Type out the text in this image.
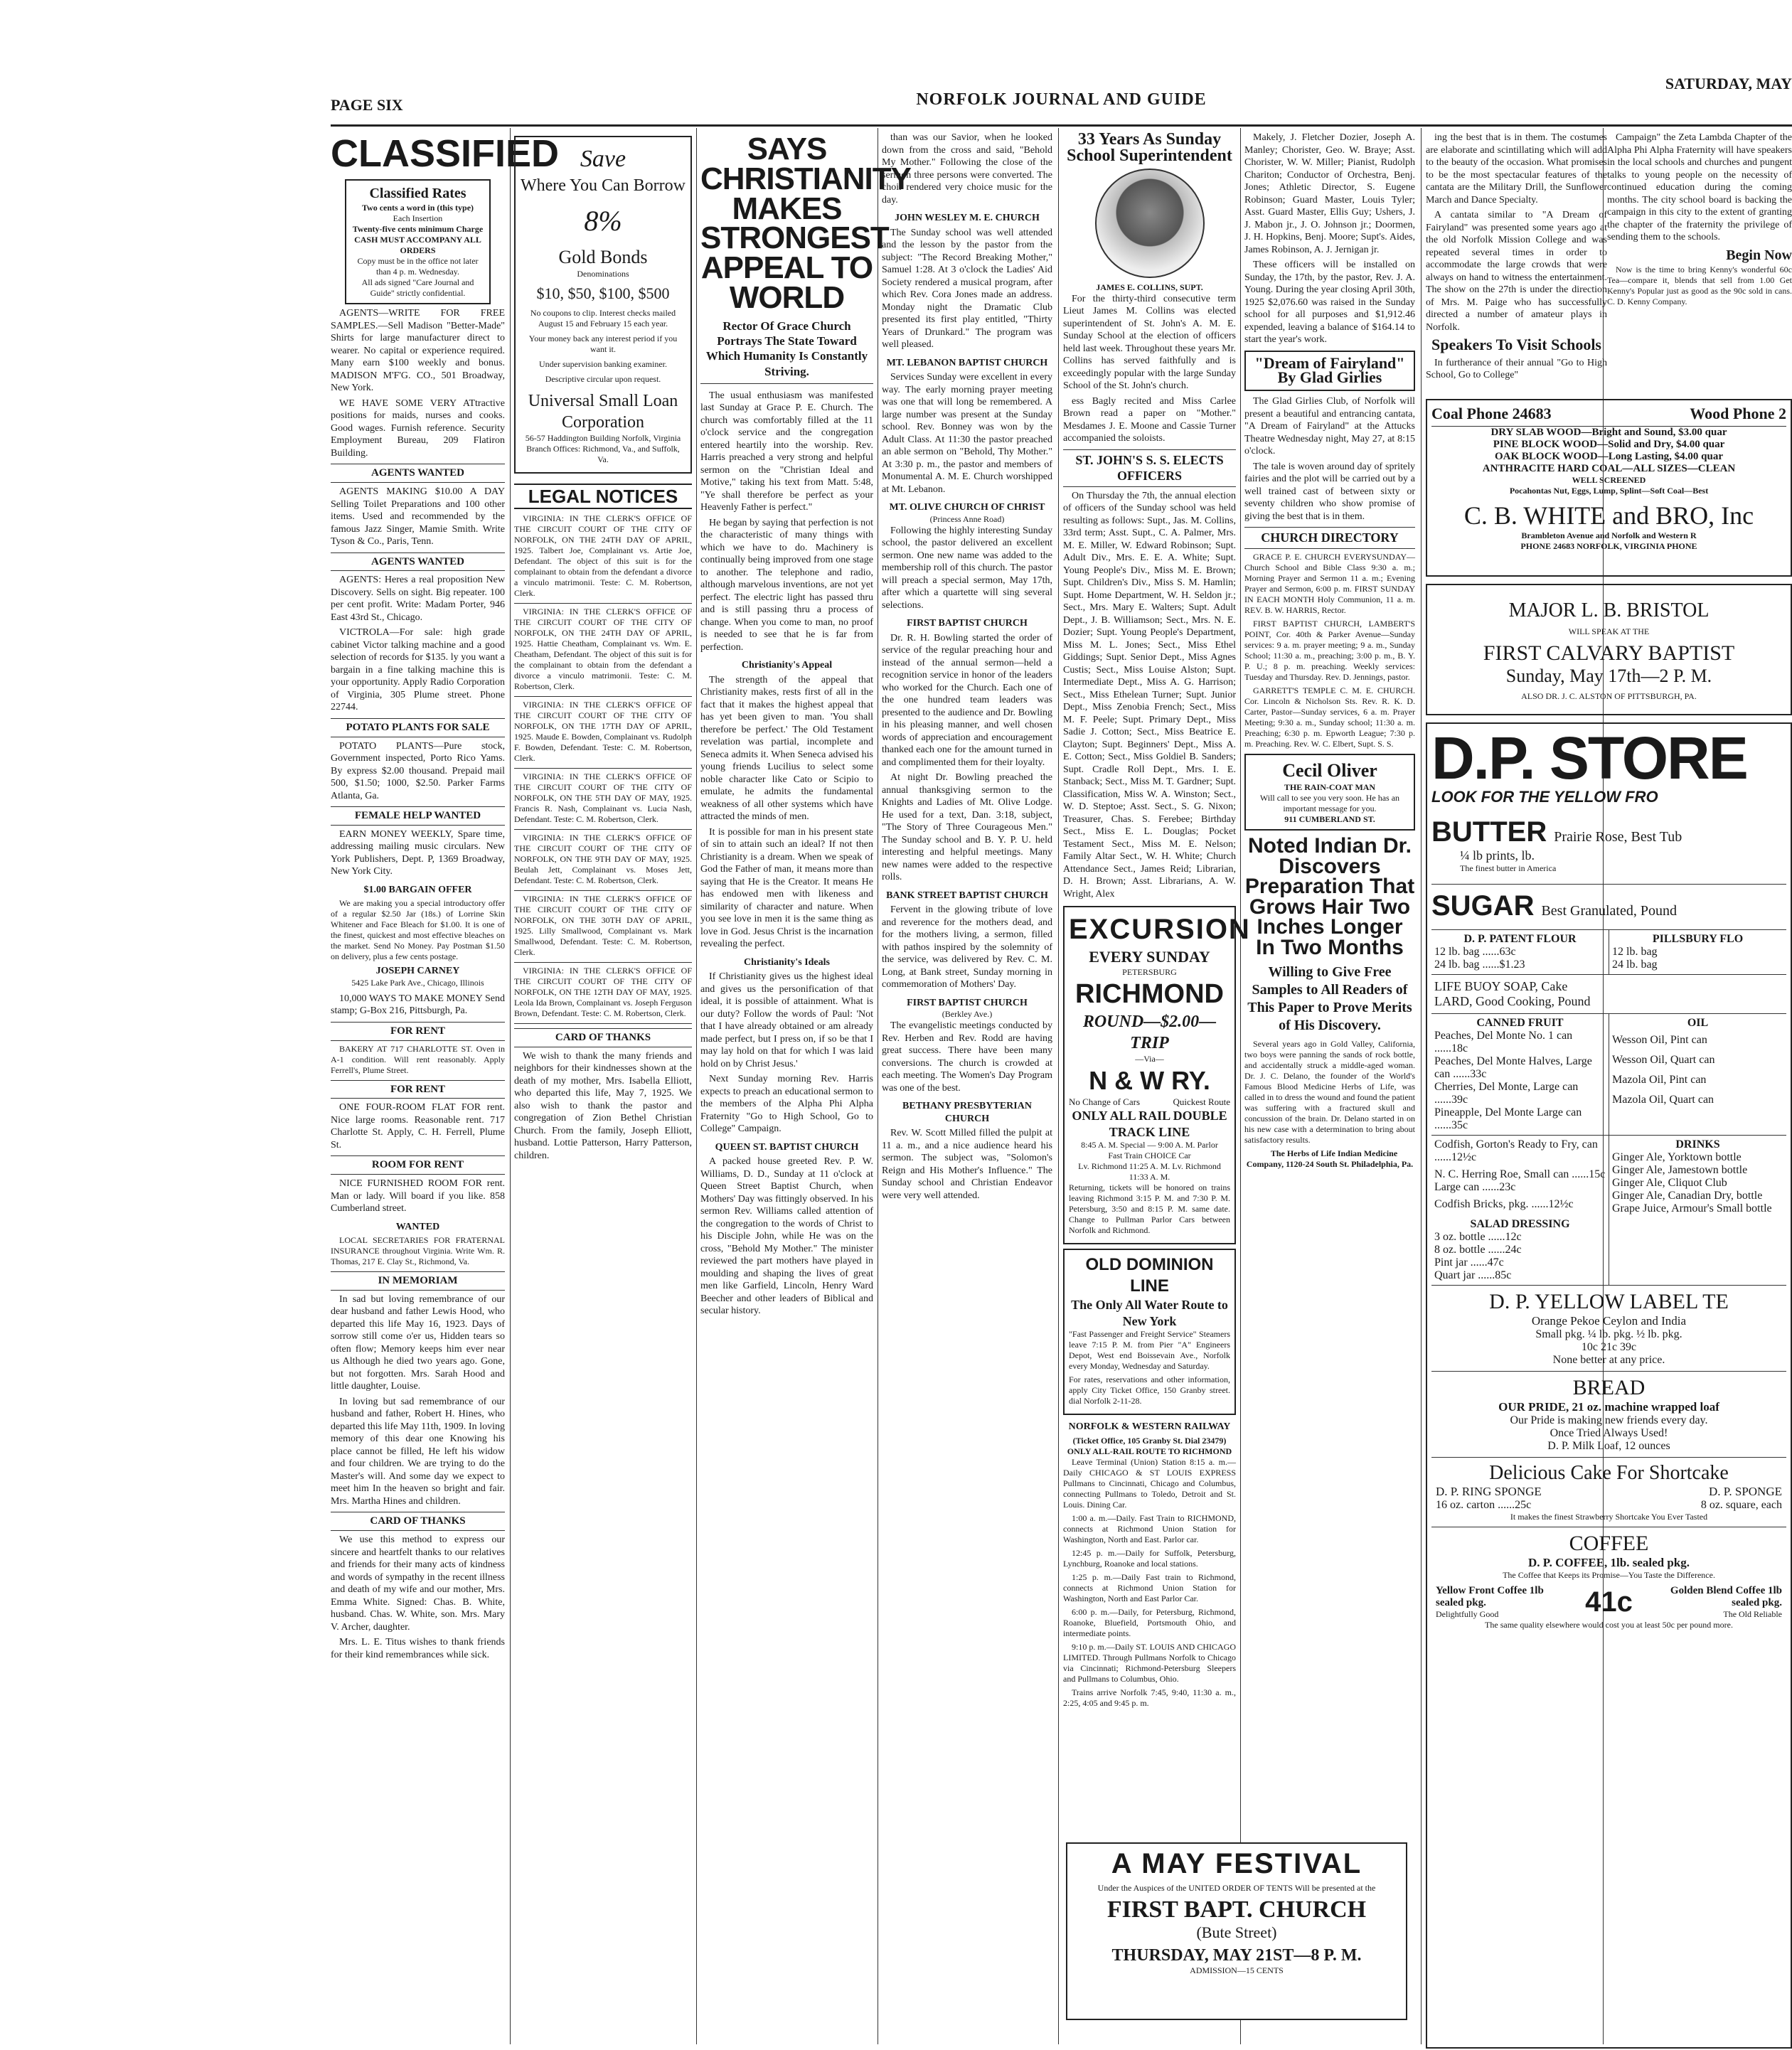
PAGE SIX	NORFOLK JOURNAL AND GUIDE
SATURDAY, MAY
CLASSIFIED
Classified Rates
Two cents a word in (this type)
Each Insertion
Twenty-five cents minimum Charge
CASH MUST ACCOMPANY ALL ORDERS
Copy must be in the office not later than 4 p. m. Wednesday.
All ads signed "Care Journal and Guide" strictly confidential.

AGENTS—WRITE FOR FREE SAMPLES.—Sell Madison "Better-Made" Shirts for large manufacturer direct to wearer. No capital or experience required. Many earn $100 weekly and bonus. MADISON M'F'G. CO., 501 Broadway, New York.

WE HAVE SOME VERY ATtractive positions for maids, nurses and cooks. Good wages. Furnish reference. Security Employment Bureau, 209 Flatiron Building.

AGENTS WANTED

AGENTS MAKING $10.00 A DAY Selling Toilet Preparations and 100 other items. Used and recommended by the famous Jazz Singer, Mamie Smith. Write Tyson & Co., Paris, Tenn.

AGENTS WANTED

AGENTS: Heres a real proposition New Discovery. Sells on sight. Big repeater. 100 per cent profit. Write: Madam Porter, 946 East 43rd St., Chicago.

VICTROLA—For sale: high grade cabinet Victor talking machine and a good selection of records for $135. ly you want a bargain in a fine talking machine this is your opportunity. Apply Radio Corporation of Virginia, 305 Plume street. Phone 22744.

POTATO PLANTS FOR SALE

POTATO PLANTS—Pure stock, Government inspected, Porto Rico Yams. By express $2.00 thousand. Prepaid mail 500, $1.50; 1000, $2.50. Parker Farms Atlanta, Ga.

FEMALE HELP WANTED

EARN MONEY WEEKLY, Spare time, addressing mailing music circulars. New York Publishers, Dept. P, 1369 Broadway, New York City.

$1.00 BARGAIN OFFER

We are making you a special introductory offer of a regular $2.50 Jar (18s.) of Lorrine Skin Whitener and Face Bleach for $1.00. It is one of the finest, quickest and most effective bleaches on the market. Send No Money. Pay Postman $1.50 on delivery, plus a few cents postage.

JOSEPH CARNEY
5425 Lake Park Ave., Chicago, Illinois

10,000 WAYS TO MAKE MONEY Send stamp; G-Box 216, Pittsburgh, Pa.

FOR RENT

BAKERY AT 717 CHARLOTTE ST. Oven in A-1 condition. Will rent reasonably. Apply Ferrell's, Plume Street.

FOR RENT

ONE FOUR-ROOM FLAT FOR rent. Nice large rooms. Reasonable rent. 717 Charlotte St. Apply, C. H. Ferrell, Plume St.

ROOM FOR RENT

NICE FURNISHED ROOM FOR rent. Man or lady. Will board if you like. 858 Cumberland street.

WANTED

LOCAL SECRETARIES FOR FRATERNAL INSURANCE throughout Virginia. Write Wm. R. Thomas, 217 E. Clay St., Richmond, Va.

IN MEMORIAM

In sad but loving remembrance of our dear husband and father Lewis Hood, who departed this life May 16, 1923. Days of sorrow still come o'er us, Hidden tears so often flow; Memory keeps him ever near us Although he died two years ago. Gone, but not forgotten. Mrs. Sarah Hood and little daughter, Louise.

In loving but sad remembrance of our husband and father, Robert H. Hines, who departed this life May 11th, 1909. In loving memory of this dear one Knowing his place cannot be filled, He left his widow and four children. We are trying to do the Master's will. And some day we expect to meet him In the heaven so bright and fair. Mrs. Martha Hines and children.

CARD OF THANKS

We use this method to express our sincere and heartfelt thanks to our relatives and friends for their many acts of kindness and words of sympathy in the recent illness and death of my wife and our mother, Mrs. Emma White. Signed: Chas. B. White, husband. Chas. W. White, son. Mrs. Mary V. Archer, daughter.

Mrs. L. E. Titus wishes to thank friends for their kind remembrances while sick.

Save
Where You Can Borrow
8%
Gold Bonds
Denominations
$10, $50, $100, $500
No coupons to clip. Interest checks mailed August 15 and February 15 each year.
Your money back any interest period if you want it.
Under supervision banking examiner.
Descriptive circular upon request.
Universal Small Loan Corporation
56-57 Haddington Building Norfolk, Virginia
Branch Offices: Richmond, Va., and Suffolk, Va.
LEGAL NOTICES

VIRGINIA: IN THE CLERK'S OFFICE OF THE CIRCUIT COURT OF THE CITY OF NORFOLK, ON THE 24TH DAY OF APRIL, 1925. Talbert Joe, Complainant vs. Artie Joe, Defendant. The object of this suit is for the complainant to obtain from the defendant a divorce a vinculo matrimonii. Teste: C. M. Robertson, Clerk.

VIRGINIA: IN THE CLERK'S OFFICE OF THE CIRCUIT COURT OF THE CITY OF NORFOLK, ON THE 24TH DAY OF APRIL, 1925. Hattie Cheatham, Complainant vs. Wm. E. Cheatham, Defendant. The object of this suit is for the complainant to obtain from the defendant a divorce a vinculo matrimonii. Teste: C. M. Robertson, Clerk.

VIRGINIA: IN THE CLERK'S OFFICE OF THE CIRCUIT COURT OF THE CITY OF NORFOLK, ON THE 17TH DAY OF APRIL, 1925. Maude E. Bowden, Complainant vs. Rudolph F. Bowden, Defendant. Teste: C. M. Robertson, Clerk.

VIRGINIA: IN THE CLERK'S OFFICE OF THE CIRCUIT COURT OF THE CITY OF NORFOLK, ON THE 5TH DAY OF MAY, 1925. Francis R. Nash, Complainant vs. Lucia Nash, Defendant. Teste: C. M. Robertson, Clerk.

VIRGINIA: IN THE CLERK'S OFFICE OF THE CIRCUIT COURT OF THE CITY OF NORFOLK, ON THE 9TH DAY OF MAY, 1925. Beulah Jett, Complainant vs. Moses Jett, Defendant. Teste: C. M. Robertson, Clerk.

VIRGINIA: IN THE CLERK'S OFFICE OF THE CIRCUIT COURT OF THE CITY OF NORFOLK, ON THE 30TH DAY OF APRIL, 1925. Lilly Smallwood, Complainant vs. Mark Smallwood, Defendant. Teste: C. M. Robertson, Clerk.

VIRGINIA: IN THE CLERK'S OFFICE OF THE CIRCUIT COURT OF THE CITY OF NORFOLK, ON THE 12TH DAY OF MAY, 1925. Leola Ida Brown, Complainant vs. Joseph Ferguson Brown, Defendant. Teste: C. M. Robertson, Clerk.

CARD OF THANKS

We wish to thank the many friends and neighbors for their kindnesses shown at the death of my mother, Mrs. Isabella Elliott, who departed this life, May 7, 1925. We also wish to thank the pastor and congregation of Zion Bethel Christian Church. From the family, Joseph Elliott, husband. Lottie Patterson, Harry Patterson, children.

SAYS CHRISTIANITY MAKES STRONGEST APPEAL TO WORLD
Rector Of Grace Church Portrays The State Toward Which Humanity Is Constantly Striving.

The usual enthusiasm was manifested last Sunday at Grace P. E. Church. The church was comfortably filled at the 11 o'clock service and the congregation entered heartily into the worship. Rev. Harris preached a very strong and helpful sermon on the "Christian Ideal and Motive," taking his text from Matt. 5:48, "Ye shall therefore be perfect as your Heavenly Father is perfect."

He began by saying that perfection is not the characteristic of many things with which we have to do. Machinery is continually being improved from one stage to another. The telephone and radio, although marvelous inventions, are not yet perfect. The electric light has passed thru and is still passing thru a process of change. When you come to man, no proof is needed to see that he is far from perfection.

Christianity's Appeal

The strength of the appeal that Christianity makes, rests first of all in the fact that it makes the highest appeal that has yet been given to man. 'You shall therefore be perfect.' The Old Testament revelation was partial, incomplete and Seneca admits it. When Seneca advised his young friends Lucilius to select some noble character like Cato or Scipio to emulate, he admits the fundamental weakness of all other systems which have attracted the minds of men.

It is possible for man in his present state of sin to attain such an ideal? If not then Christianity is a dream. When we speak of God the Father of man, it means more than saying that He is the Creator. It means He has endowed men with likeness and similarity of character and nature. When you see love in men it is the same thing as love in God. Jesus Christ is the incarnation revealing the perfect.

Christianity's Ideals

If Christianity gives us the highest ideal and gives us the personification of that ideal, it is possible of attainment. What is our duty? Follow the words of Paul: 'Not that I have already obtained or am already made perfect, but I press on, if so be that I may lay hold on that for which I was laid hold on by Christ Jesus.'

Next Sunday morning Rev. Harris expects to preach an educational sermon to the members of the Alpha Phi Alpha Fraternity "Go to High School, Go to College" Campaign.

QUEEN ST. BAPTIST CHURCH

A packed house greeted Rev. P. W. Williams, D. D., Sunday at 11 o'clock at Queen Street Baptist Church, when Mothers' Day was fittingly observed. In his sermon Rev. Williams called attention of the congregation to the words of Christ to his Disciple John, while He was on the cross, "Behold My Mother." The minister reviewed the part mothers have played in moulding and shaping the lives of great men like Garfield, Lincoln, Henry Ward Beecher and other leaders of Biblical and secular history.

than was our Savior, when he looked down from the cross and said, "Behold My Mother." Following the close of the sermon three persons were converted. The choir rendered very choice music for the day.

JOHN WESLEY M. E. CHURCH

The Sunday school was well attended and the lesson by the pastor from the subject: "The Record Breaking Mother," Samuel 1:28. At 3 o'clock the Ladies' Aid Society rendered a musical program, after which Rev. Cora Jones made an address. Monday night the Dramatic Club presented its first play entitled, "Thirty Years of Drunkard." The program was well pleased.

MT. LEBANON BAPTIST CHURCH

Services Sunday were excellent in every way. The early morning prayer meeting was one that will long be remembered. A large number was present at the Sunday school. Rev. Bonney was won by the Adult Class. At 11:30 the pastor preached an able sermon on "Behold, Thy Mother." At 3:30 p. m., the pastor and members of Monumental A. M. E. Church worshipped at Mt. Lebanon.

MT. OLIVE CHURCH OF CHRIST
(Princess Anne Road)

Following the highly interesting Sunday school, the pastor delivered an excellent sermon. One new name was added to the membership roll of this church. The pastor will preach a special sermon, May 17th, after which a quartette will sing several selections.

FIRST BAPTIST CHURCH

Dr. R. H. Bowling started the order of service of the regular preaching hour and instead of the annual sermon—held a recognition service in honor of the leaders who worked for the Church. Each one of the one hundred team leaders was presented to the audience and Dr. Bowling in his pleasing manner, and well chosen words of appreciation and encouragement thanked each one for the amount turned in and complimented them for their loyalty.

At night Dr. Bowling preached the annual thanksgiving sermon to the Knights and Ladies of Mt. Olive Lodge. He used for a text, Dan. 3:18, subject, "The Story of Three Courageous Men." The Sunday school and B. Y. P. U. held interesting and helpful meetings. Many new names were added to the respective rolls.

BANK STREET BAPTIST CHURCH

Fervent in the glowing tribute of love and reverence for the mothers dead, and for the mothers living, a sermon, filled with pathos inspired by the solemnity of the service, was delivered by Rev. C. M. Long, at Bank street, Sunday morning in commemoration of Mothers' Day.

FIRST BAPTIST CHURCH
(Berkley Ave.)

The evangelistic meetings conducted by Rev. Herben and Rev. Rodd are having great success. There have been many conversions. The church is crowded at each meeting. The Women's Day Program was one of the best.

BETHANY PRESBYTERIAN CHURCH

Rev. W. Scott Milled filled the pulpit at 11 a. m., and a nice audience heard his sermon. The subject was, "Solomon's Reign and His Mother's Influence." The Sunday school and Christian Endeavor were very well attended.

33 Years As Sunday School Superintendent
JAMES E. COLLINS, SUPT.

For the thirty-third consecutive term Lieut James M. Collins was elected superintendent of St. John's A. M. E. Sunday School at the election of officers held last week. Throughout these years Mr. Collins has served faithfully and is exceedingly popular with the large Sunday School of the St. John's church.

ess Bagly recited and Miss Carlee Brown read a paper on "Mother." Mesdames J. E. Moone and Cassie Turner accompanied the soloists.

ST. JOHN'S S. S. ELECTS OFFICERS

On Thursday the 7th, the annual election of officers of the Sunday school was held resulting as follows: Supt., Jas. M. Collins, 33rd term; Asst. Supt., C. A. Palmer, Mrs. M. E. Miller, W. Edward Robinson; Supt. Adult Div., Mrs. E. E. A. White; Supt. Young People's Div., Miss M. E. Brown; Supt. Children's Div., Miss S. M. Hamlin; Supt. Home Department, W. H. Seldon jr.; Sect., Mrs. Mary E. Walters; Supt. Adult Dept., J. B. Williamson; Sect., Mrs. N. E. Dozier; Supt. Young People's Department, Miss M. L. Jones; Sect., Miss Ethel Giddings; Supt. Senior Dept., Miss Agnes Custis; Sect., Miss Louise Alston; Supt. Intermediate Dept., Miss A. G. Harrison; Sect., Miss Ethelean Turner; Supt. Junior Dept., Miss Zenobia French; Sect., Miss M. F. Peele; Supt. Primary Dept., Miss Sadie J. Cotton; Sect., Miss Beatrice E. Clayton; Supt. Beginners' Dept., Miss A. E. Cotton; Sect., Miss Goldiel B. Sanders; Supt. Cradle Roll Dept., Mrs. I. E. Stanback; Sect., Miss M. T. Gardner; Supt. Classification, Miss W. A. Winston; Sect., W. D. Steptoe; Asst. Sect., S. G. Nixon; Treasurer, Chas. S. Ferebee; Birthday Sect., Miss E. L. Douglas; Pocket Testament Sect., Miss M. E. Nelson; Family Altar Sect., W. H. White; Church Attendance Sect., James Reid; Librarian, D. H. Brown; Asst. Librarians, A. W. Wright, Alex

EXCURSION
EVERY SUNDAY
PETERSBURG
RICHMOND
ROUND—$2.00—TRIP
—Via—
N & W RY.
No Change of Cars	Quickest Route
ONLY ALL RAIL DOUBLE TRACK LINE
8:45 A. M. Special — 9:00 A. M. Parlor
Fast Train CHOICE Car
Lv. Richmond 11:25 A. M. Lv. Richmond 11:33 A. M.

Returning, tickets will be honored on trains leaving Richmond 3:15 P. M. and 7:30 P. M. Petersburg, 3:50 and 8:15 P. M. same date. Change to Pullman Parlor Cars between Norfolk and Richmond.

OLD DOMINION LINE
The Only All Water Route to New York

"Fast Passenger and Freight Service" Steamers leave 7:15 P. M. from Pier "A" Engineers Depot, West end Boissevain Ave., Norfolk every Monday, Wednesday and Saturday.

For rates, reservations and other information, apply City Ticket Office, 150 Granby street. dial Norfolk 2-11-28.

NORFOLK & WESTERN RAILWAY
(Ticket Office, 105 Granby St. Dial 23479) ONLY ALL-RAIL ROUTE TO RICHMOND

Leave Terminal (Union) Station 8:15 a. m.—Daily CHICAGO & ST LOUIS EXPRESS Pullmans to Cincinnati, Chicago and Columbus, connecting Pullmans to Toledo, Detroit and St. Louis. Dining Car.

1:00 a. m.—Daily. Fast Train to RICHMOND, connects at Richmond Union Station for Washington, North and East. Parlor car.

12:45 p. m.—Daily for Suffolk, Petersburg, Lynchburg, Roanoke and local stations.

1:25 p. m.—Daily Fast train to Richmond, connects at Richmond Union Station for Washington, North and East Parlor Car.

6:00 p. m.—Daily, for Petersburg, Richmond, Roanoke, Bluefield, Portsmouth Ohio, and intermediate points.

9:10 p. m.—Daily ST. LOUIS AND CHICAGO LIMITED. Through Pullmans Norfolk to Chicago via Cincinnati; Richmond-Petersburg Sleepers and Pullmans to Columbus, Ohio.

Trains arrive Norfolk 7:45, 9:40, 11:30 a. m., 2:25, 4:05 and 9:45 p. m.

A MAY FESTIVAL
Under the Auspices of the UNITED ORDER OF TENTS Will be presented at the
FIRST BAPT. CHURCH
(Bute Street)
THURSDAY, MAY 21ST—8 P. M.
ADMISSION—15 CENTS

Makely, J. Fletcher Dozier, Joseph A. Manley; Chorister, Geo. W. Braye; Asst. Chorister, W. W. Miller; Pianist, Rudolph Chariton; Conductor of Orchestra, Benj. Jones; Athletic Director, S. Eugene Robinson; Guard Master, Louis Tyler; Asst. Guard Master, Ellis Guy; Ushers, J. J. Mabon jr., J. O. Johnson jr.; Doormen, J. H. Hopkins, Benj. Moore; Supt's. Aides, James Robinson, A. J. Jernigan jr.

These officers will be installed on Sunday, the 17th, by the pastor, Rev. J. A. Young. During the year closing April 30th, 1925 $2,076.60 was raised in the Sunday school for all purposes and $1,912.46 expended, leaving a balance of $164.14 to start the year's work.

"Dream of Fairyland" By Glad Girlies

The Glad Girlies Club, of Norfolk will present a beautiful and entrancing cantata, "A Dream of Fairyland" at the Attucks Theatre Wednesday night, May 27, at 8:15 o'clock.

The tale is woven around day of spritely fairies and the plot will be carried out by a well trained cast of between sixty or seventy children who show promise of giving the best that is in them.

CHURCH DIRECTORY

GRACE P. E. CHURCH EVERYSUNDAY—Church School and Bible Class 9:30 a. m.; Morning Prayer and Sermon 11 a. m.; Evening Prayer and Sermon, 6:00 p. m. FIRST SUNDAY IN EACH MONTH Holy Communion, 11 a. m. REV. B. W. HARRIS, Rector.

FIRST BAPTIST CHURCH, LAMBERT'S POINT, Cor. 40th & Parker Avenue—Sunday services: 9 a. m. prayer meeting; 9 a. m., Sunday School; 11:30 a. m., preaching; 3:00 p. m., B. Y. P. U.; 8 p. m. preaching. Weekly services: Tuesday and Thursday. Rev. D. Jennings, pastor.

GARRETT'S TEMPLE C. M. E. CHURCH. Cor. Lincoln & Nicholson Sts. Rev. R. K. D. Carter, Pastor—Sunday services, 6 a. m. Prayer Meeting; 9:30 a. m., Sunday school; 11:30 a. m. Preaching; 6:30 p. m. Epworth League; 7:30 p. m. Preaching. Rev. W. C. Elbert, Supt. S. S.

Cecil Oliver
THE RAIN-COAT MAN
Will call to see you very soon. He has an important message for you.
911 CUMBERLAND ST.
Noted Indian Dr. Discovers Preparation That Grows Hair Two Inches Longer In Two Months
Willing to Give Free Samples to All Readers of This Paper to Prove Merits of His Discovery.

Several years ago in Gold Valley, California, two boys were panning the sands of rock bottle, and accidentally struck a middle-aged woman. Dr. J. C. Delano, the founder of the World's Famous Blood Medicine Herbs of Life, was called in to dress the wound and found the patient was suffering with a fractured skull and concussion of the brain. Dr. Delano started in on his new case with a determination to bring about satisfactory results.

The Herbs of Life Indian Medicine Company, 1120-24 South St. Philadelphia, Pa.

ing the best that is in them. The costumes are elaborate and scintillating which will add to the beauty of the occasion. What promises to be the most spectacular features of the cantata are the Military Drill, the Sunflower March and Dance Specialty.

A cantata similar to "A Dream of Fairyland" was presented some years ago at the old Norfolk Mission College and was repeated several times in order to accommodate the large crowds that were always on hand to witness the entertainment. The show on the 27th is under the direction of Mrs. M. Paige who has successfully directed a number of amateur plays in Norfolk.

Speakers To Visit Schools

In furtherance of their annual "Go to High School, Go to College"

Campaign" the Zeta Lambda Chapter of the Alpha Phi Alpha Fraternity will have speakers in the local schools and churches and pungent talks to young people on the necessity of continued education during the coming months. The city school board is backing the campaign in this city to the extent of granting the chapter of the fraternity the privilege of sending them to the schools.

Begin Now

Now is the time to bring Kenny's wonderful 60c Tea—compare it, blends that sell from 1.00 Get Kenny's Popular just as good as the 90c sold in cans. C. D. Kenny Company.

Coal Phone 24683	Wood Phone 2
DRY SLAB WOOD—Bright and Sound, $3.00 quar
PINE BLOCK WOOD—Solid and Dry, $4.00 quar
OAK BLOCK WOOD—Long Lasting, $4.00 quar
ANTHRACITE HARD COAL—ALL SIZES—CLEAN
WELL SCREENED
Pocahontas Nut, Eggs, Lump, Splint—Soft Coal—Best
C. B. WHITE and BRO, Inc
Brambleton Avenue and Norfolk and Western R
PHONE 24683 NORFOLK, VIRGINIA PHONE
MAJOR L. B. BRISTOL
WILL SPEAK AT THE
FIRST CALVARY BAPTIST
Sunday, May 17th—2 P. M.
ALSO DR. J. C. ALSTON OF PITTSBURGH, PA.
D.P. STORE
LOOK FOR THE YELLOW FRO
BUTTER Prairie Rose, Best Tub
¼ lb prints, lb.
The finest butter in America
SUGAR Best Granulated, Pound
D. P. PATENT FLOUR
12 lb. bag ......63c
24 lb. bag ......$1.23
PILLSBURY FLO
12 lb. bag
24 lb. bag
LIFE BUOY SOAP, Cake
LARD, Good Cooking, Pound
CANNED FRUIT
Peaches, Del Monte No. 1 can ......18c
Peaches, Del Monte Halves, Large can ......33c
Cherries, Del Monte, Large can ......39c
Pineapple, Del Monte Large can ......35c
OIL
Wesson Oil, Pint can
Wesson Oil, Quart can
Mazola Oil, Pint can
Mazola Oil, Quart can
Codfish, Gorton's Ready to Fry, can ......12½c
N. C. Herring Roe, Small can ......15c
Large can ......23c
Codfish Bricks, pkg. ......12½c
SALAD DRESSING
3 oz. bottle ......12c
8 oz. bottle ......24c
Pint jar ......47c
Quart jar ......85c
DRINKS
Ginger Ale, Yorktown bottle
Ginger Ale, Jamestown bottle
Ginger Ale, Cliquot Club
Ginger Ale, Canadian Dry, bottle
Grape Juice, Armour's Small bottle
D. P. YELLOW LABEL TE
Orange Pekoe Ceylon and India
Small pkg. ¼ lb. pkg. ½ lb. pkg.
10c 21c 39c
None better at any price.
BREAD
OUR PRIDE, 21 oz. machine wrapped loaf
Our Pride is making new friends every day.
Once Tried Always Used!
D. P. Milk Loaf, 12 ounces
Delicious Cake For Shortcake
D. P. RING SPONGE	D. P. SPONGE
16 oz. carton ......25c	8 oz. square, each
It makes the finest Strawberry Shortcake You Ever Tasted
COFFEE
D. P. COFFEE, 1lb. sealed pkg.
The Coffee that Keeps its Promise—You Taste the Difference.
Yellow Front Coffee 1lb sealed pkg.
Delightfully Good	41c	Golden Blend Coffee 1lb sealed pkg.
The Old Reliable
The same quality elsewhere would cost you at least 50c per pound more.
